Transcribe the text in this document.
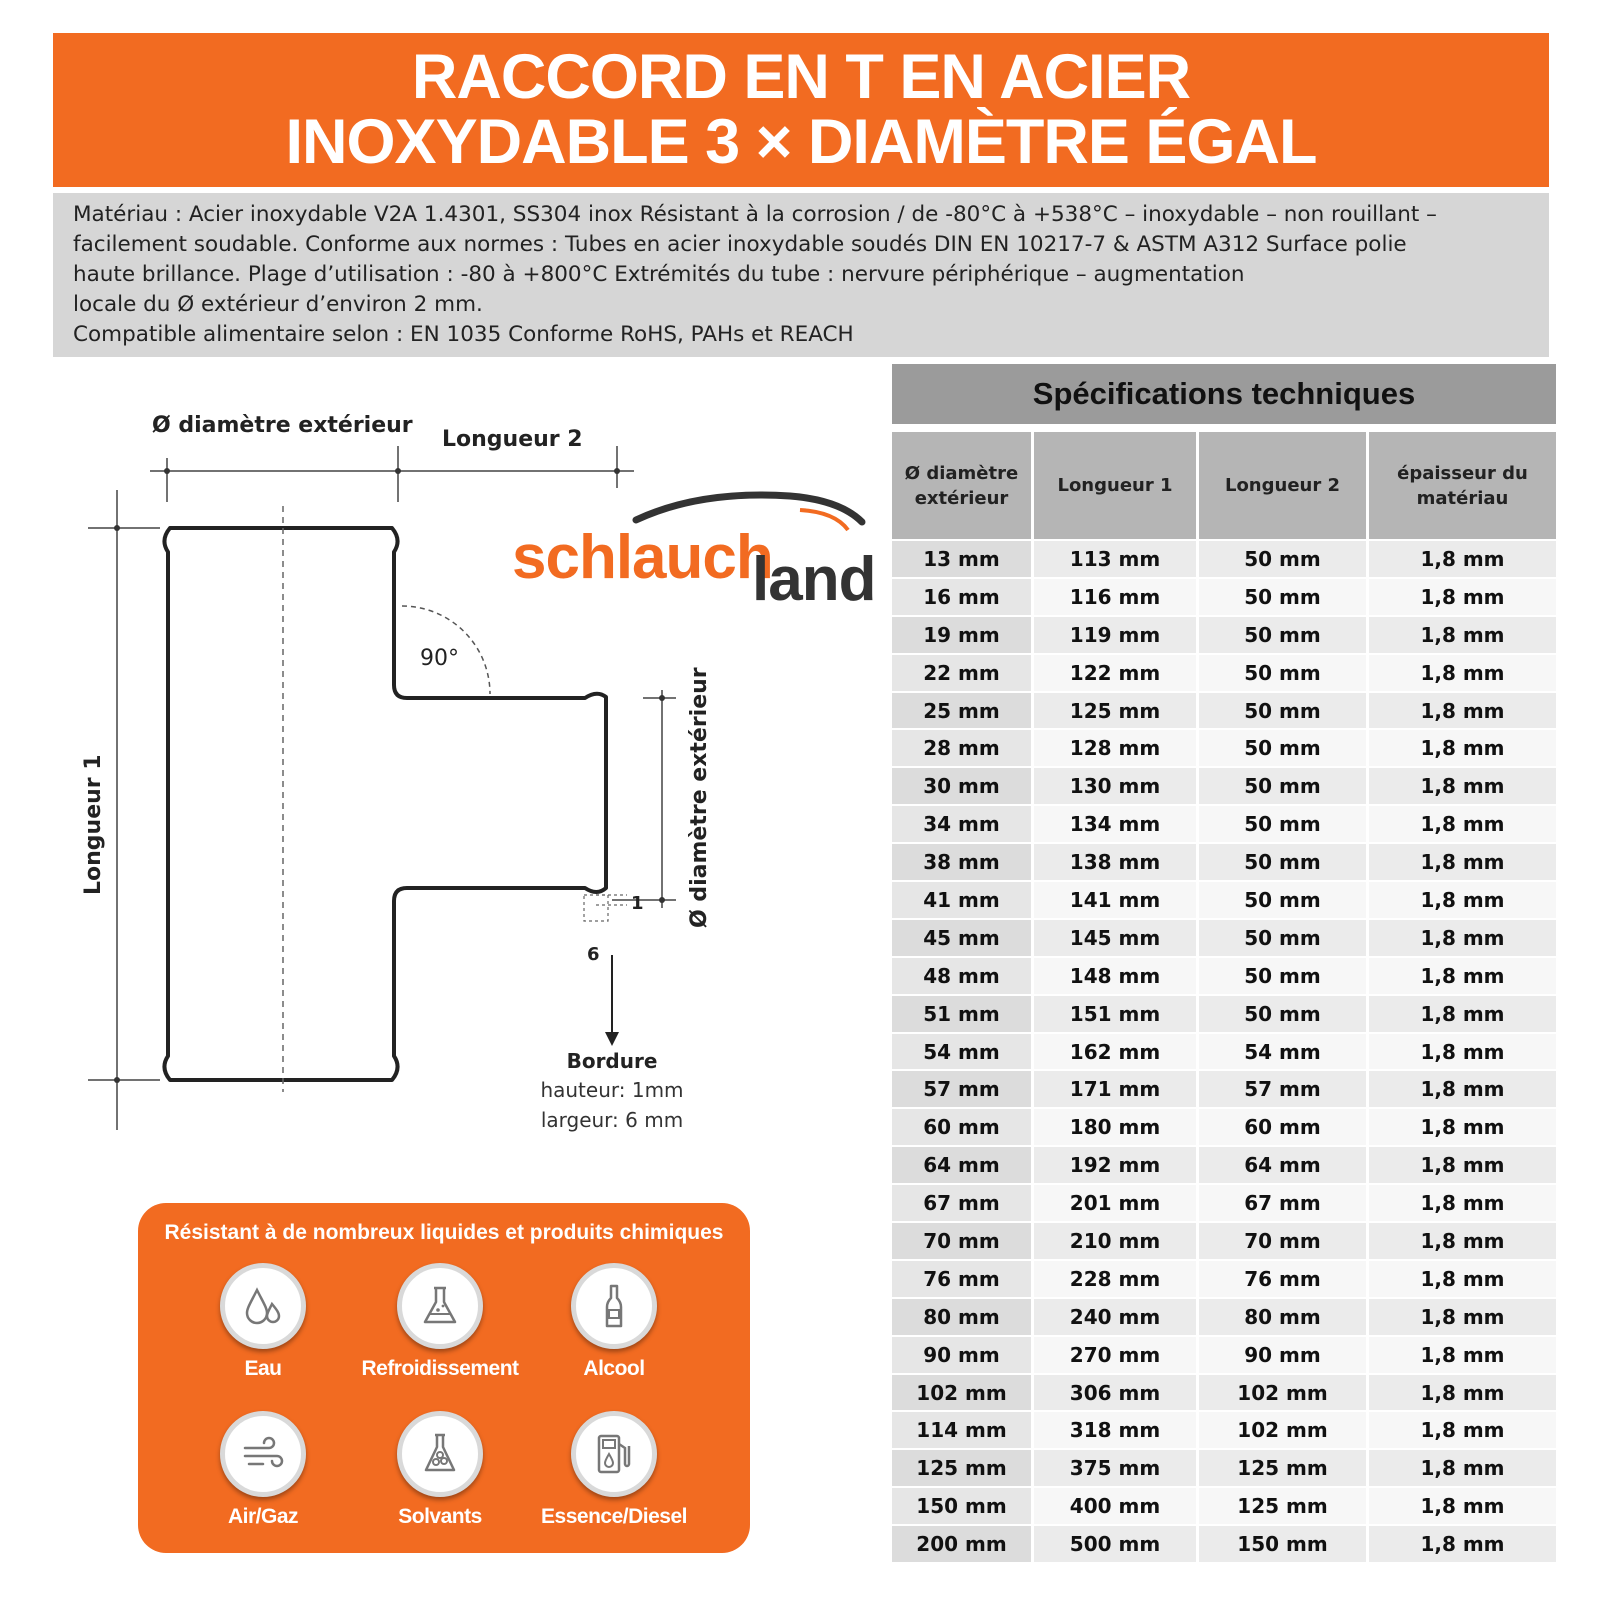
RACCORD EN T EN ACIER
INOXYDABLE 3 × DIAMÈTRE ÉGAL
Matériau : Acier inoxydable V2A 1.4301, SS304 inox Résistant à la corrosion / de -80°C à +538°C – inoxydable – non rouillant –
facilement soudable. Conforme aux normes : Tubes en acier inoxydable soudés DIN EN 10217-7 & ASTM A312 Surface polie
haute brillance. Plage d’utilisation : -80 à +800°C Extrémités du tube : nervure périphérique – augmentation
locale du Ø extérieur d’environ 2 mm.
Compatible alimentaire selon : EN 1035 Conforme RoHS, PAHs et REACH
Ø diamètre extérieur
Longueur 2
Longueur 1
90°
Ø diamètre extérieur
1
6
Bordure
hauteur: 1mm
largeur: 6 mm
schlauch
land
Résistant à de nombreux liquides et produits chimiques
Eau	Refroidissement	Alcool
Air/Gaz	Solvants	Essence/Diesel
Spécifications techniques
Ø diamètre extérieur	Longueur 1	Longueur 2	épaisseur du matériau
13 mm	113 mm	50 mm	1,8 mm
16 mm	116 mm	50 mm	1,8 mm
19 mm	119 mm	50 mm	1,8 mm
22 mm	122 mm	50 mm	1,8 mm
25 mm	125 mm	50 mm	1,8 mm
28 mm	128 mm	50 mm	1,8 mm
30 mm	130 mm	50 mm	1,8 mm
34 mm	134 mm	50 mm	1,8 mm
38 mm	138 mm	50 mm	1,8 mm
41 mm	141 mm	50 mm	1,8 mm
45 mm	145 mm	50 mm	1,8 mm
48 mm	148 mm	50 mm	1,8 mm
51 mm	151 mm	50 mm	1,8 mm
54 mm	162 mm	54 mm	1,8 mm
57 mm	171 mm	57 mm	1,8 mm
60 mm	180 mm	60 mm	1,8 mm
64 mm	192 mm	64 mm	1,8 mm
67 mm	201 mm	67 mm	1,8 mm
70 mm	210 mm	70 mm	1,8 mm
76 mm	228 mm	76 mm	1,8 mm
80 mm	240 mm	80 mm	1,8 mm
90 mm	270 mm	90 mm	1,8 mm
102 mm	306 mm	102 mm	1,8 mm
114 mm	318 mm	102 mm	1,8 mm
125 mm	375 mm	125 mm	1,8 mm
150 mm	400 mm	125 mm	1,8 mm
200 mm	500 mm	150 mm	1,8 mm
